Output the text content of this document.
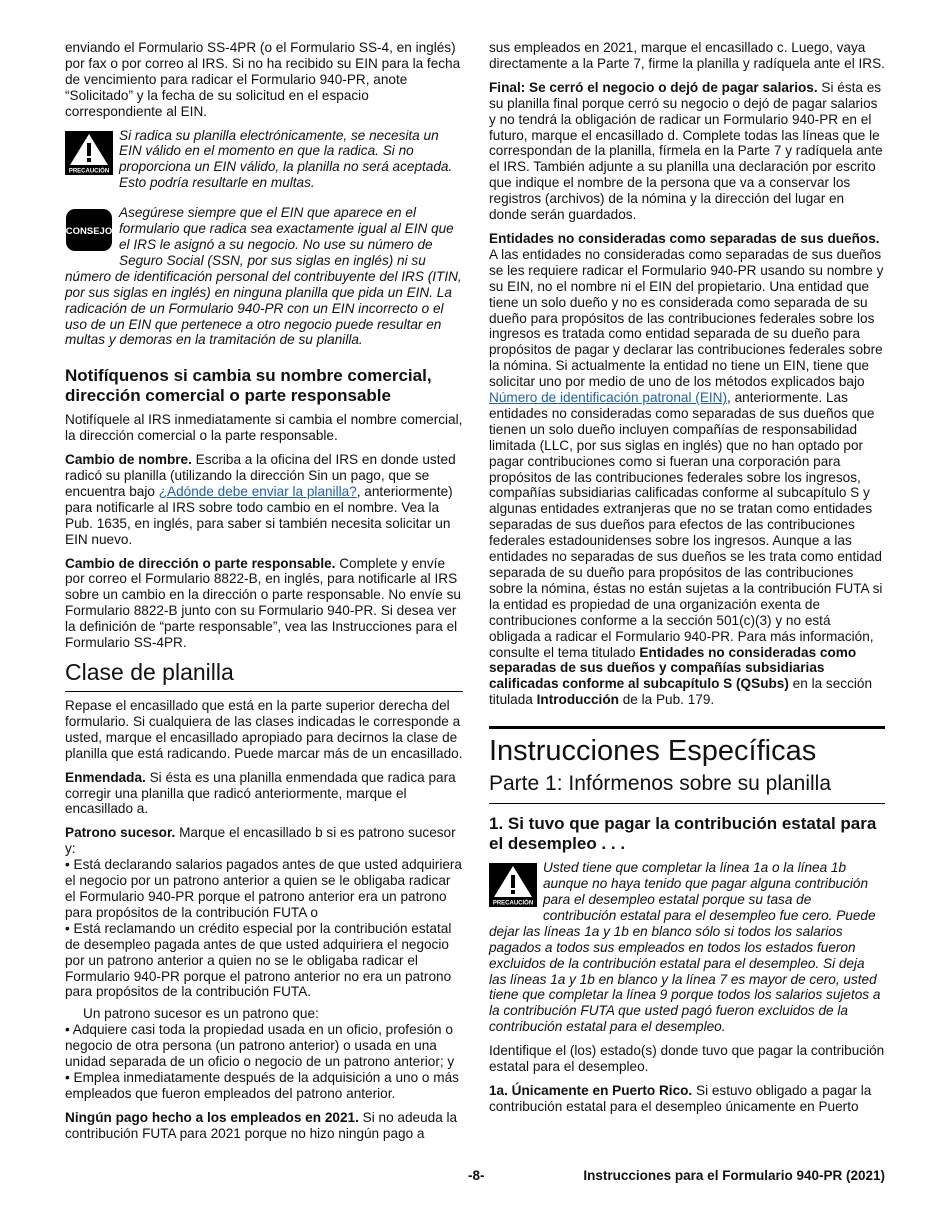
enviando el Formulario SS-4PR (o el Formulario SS-4, en inglés) por fax o por correo al IRS. Si no ha recibido su EIN para la fecha de vencimiento para radicar el Formulario 940-PR, anote “Solicitado” y la fecha de su solicitud en el espacio correspondiente al EIN.

PRECAUCIÓN
Si radica su planilla electrónicamente, se necesita un EIN válido en el momento en que la radica. Si no proporciona un EIN válido, la planilla no será aceptada. Esto podría resultarle en multas.
CONSEJO
Asegúrese siempre que el EIN que aparece en el formulario que radica sea exactamente igual al EIN que el IRS le asignó a su negocio. No use su número de Seguro Social (SSN, por sus siglas en inglés) ni su número de identificación personal del contribuyente del IRS (ITIN, por sus siglas en inglés) en ninguna planilla que pida un EIN. La radicación de un Formulario 940-PR con un EIN incorrecto o el uso de un EIN que pertenece a otro negocio puede resultar en multas y demoras en la tramitación de su planilla.
Notifíquenos si cambia su nombre comercial, dirección comercial o parte responsable

Notifíquele al IRS inmediatamente si cambia el nombre comercial, la dirección comercial o la parte responsable.

Cambio de nombre. Escriba a la oficina del IRS en donde usted radicó su planilla (utilizando la dirección Sin un pago, que se encuentra bajo ¿Adónde debe enviar la planilla?, anteriormente) para notificarle al IRS sobre todo cambio en el nombre. Vea la Pub. 1635, en inglés, para saber si también necesita solicitar un EIN nuevo.

Cambio de dirección o parte responsable. Complete y envíe por correo el Formulario 8822-B, en inglés, para notificarle al IRS sobre un cambio en la dirección o parte responsable. No envíe su Formulario 8822-B junto con su Formulario 940-PR. Si desea ver la definición de “parte responsable”, vea las Instrucciones para el Formulario SS-4PR.

Clase de planilla

Repase el encasillado que está en la parte superior derecha del formulario. Si cualquiera de las clases indicadas le corresponde a usted, marque el encasillado apropiado para decirnos la clase de planilla que está radicando. Puede marcar más de un encasillado.

Enmendada. Si ésta es una planilla enmendada que radica para corregir una planilla que radicó anteriormente, marque el encasillado a.

Patrono sucesor. Marque el encasillado b si es patrono sucesor y:

• Está declarando salarios pagados antes de que usted adquiriera el negocio por un patrono anterior a quien se le obligaba radicar el Formulario 940-PR porque el patrono anterior era un patrono para propósitos de la contribución FUTA o

• Está reclamando un crédito especial por la contribución estatal de desempleo pagada antes de que usted adquiriera el negocio por un patrono anterior a quien no se le obligaba radicar el Formulario 940-PR porque el patrono anterior no era un patrono para propósitos de la contribución FUTA.

Un patrono sucesor es un patrono que:

• Adquiere casi toda la propiedad usada en un oficio, profesión o negocio de otra persona (un patrono anterior) o usada en una unidad separada de un oficio o negocio de un patrono anterior; y

• Emplea inmediatamente después de la adquisición a uno o más empleados que fueron empleados del patrono anterior.

Ningún pago hecho a los empleados en 2021. Si no adeuda la contribución FUTA para 2021 porque no hizo ningún pago a

sus empleados en 2021, marque el encasillado c. Luego, vaya directamente a la Parte 7, firme la planilla y radíquela ante el IRS.

Final: Se cerró el negocio o dejó de pagar salarios. Si ésta es su planilla final porque cerró su negocio o dejó de pagar salarios y no tendrá la obligación de radicar un Formulario 940-PR en el futuro, marque el encasillado d. Complete todas las líneas que le correspondan de la planilla, fírmela en la Parte 7 y radíquela ante el IRS. También adjunte a su planilla una declaración por escrito que indique el nombre de la persona que va a conservar los registros (archivos) de la nómina y la dirección del lugar en donde serán guardados.

Entidades no consideradas como separadas de sus dueños. A las entidades no consideradas como separadas de sus dueños se les requiere radicar el Formulario 940-PR usando su nombre y su EIN, no el nombre ni el EIN del propietario. Una entidad que tiene un solo dueño y no es considerada como separada de su dueño para propósitos de las contribuciones federales sobre los ingresos es tratada como entidad separada de su dueño para propósitos de pagar y declarar las contribuciones federales sobre la nómina. Si actualmente la entidad no tiene un EIN, tiene que solicitar uno por medio de uno de los métodos explicados bajo Número de identificación patronal (EIN), anteriormente. Las entidades no consideradas como separadas de sus dueños que tienen un solo dueño incluyen compañías de responsabilidad limitada (LLC, por sus siglas en inglés) que no han optado por pagar contribuciones como si fueran una corporación para propósitos de las contribuciones federales sobre los ingresos, compañías subsidiarias calificadas conforme al subcapítulo S y algunas entidades extranjeras que no se tratan como entidades separadas de sus dueños para efectos de las contribuciones federales estadounidenses sobre los ingresos. Aunque a las entidades no separadas de sus dueños se les trata como entidad separada de su dueño para propósitos de las contribuciones sobre la nómina, éstas no están sujetas a la contribución FUTA si la entidad es propiedad de una organización exenta de contribuciones conforme a la sección 501(c)(3) y no está obligada a radicar el Formulario 940-PR. Para más información, consulte el tema titulado Entidades no consideradas como separadas de sus dueños y compañías subsidiarias calificadas conforme al subcapítulo S (QSubs) en la sección titulada Introducción de la Pub. 179.

Instrucciones Específicas
Parte 1: Infórmenos sobre su planilla
1. Si tuvo que pagar la contribución estatal para el desempleo . . .
PRECAUCIÓN
Usted tiene que completar la línea 1a o la línea 1b aunque no haya tenido que pagar alguna contribución para el desempleo estatal porque su tasa de contribución estatal para el desempleo fue cero. Puede dejar las líneas 1a y 1b en blanco sólo si todos los salarios pagados a todos sus empleados en todos los estados fueron excluidos de la contribución estatal para el desempleo. Si deja las líneas 1a y 1b en blanco y la línea 7 es mayor de cero, usted tiene que completar la línea 9 porque todos los salarios sujetos a la contribución FUTA que usted pagó fueron excluidos de la contribución estatal para el desempleo.

Identifique el (los) estado(s) donde tuvo que pagar la contribución estatal para el desempleo.

1a. Únicamente en Puerto Rico. Si estuvo obligado a pagar la contribución estatal para el desempleo únicamente en Puerto

-8-	Instrucciones para el Formulario 940-PR (2021)
